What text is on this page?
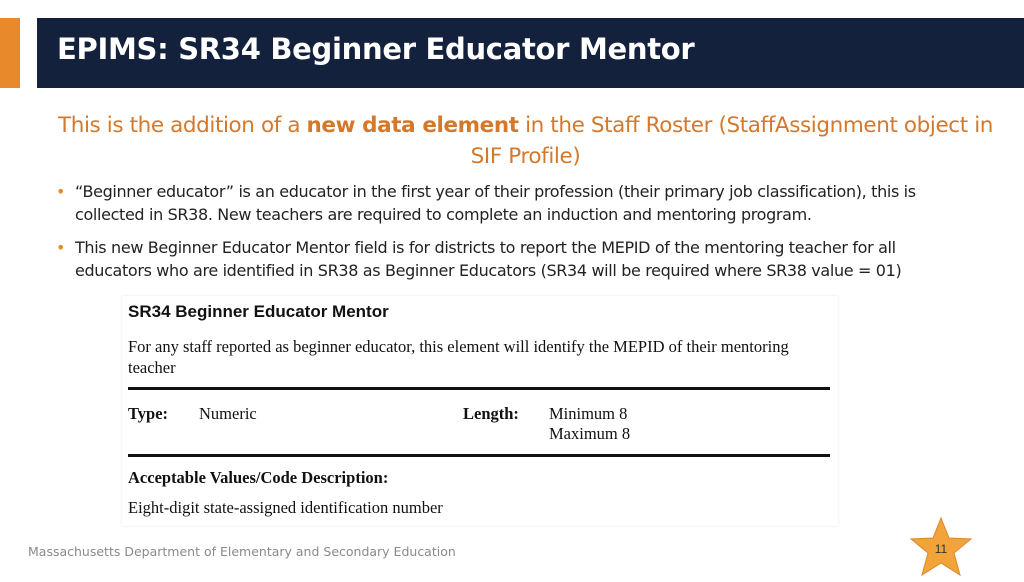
EPIMS: SR34 Beginner Educator Mentor
This is the addition of a new data element in the Staff Roster (StaffAssignment object in SIF Profile)
• “Beginner educator” is an educator in the first year of their profession (their primary job classification), this is collected in SR38. New teachers are required to complete an induction and mentoring program.
• This new Beginner Educator Mentor field is for districts to report the MEPID of the mentoring teacher for all educators who are identified in SR38 as Beginner Educators (SR34 will be required where SR38 value = 01)
SR34 Beginner Educator Mentor
For any staff reported as beginner educator, this element will identify the MEPID of their mentoring teacher
Type: Numeric	Length: Minimum 8
Maximum 8
Acceptable Values/Code Description:
Eight-digit state-assigned identification number
Massachusetts Department of Elementary and Secondary Education	11
